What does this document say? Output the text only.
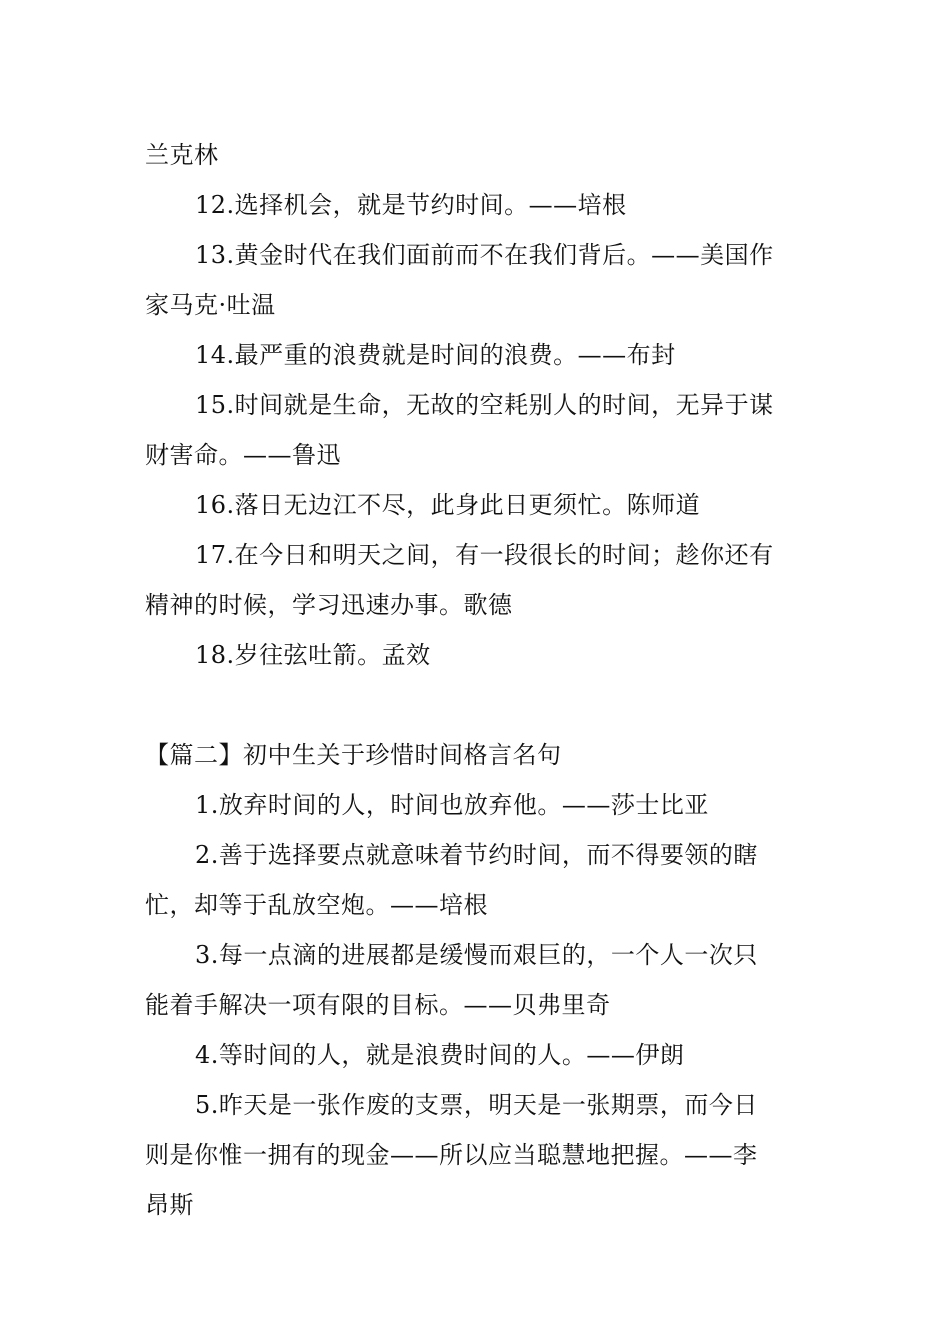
兰克林
12.选择机会，就是节约时间。——培根
13.黄金时代在我们面前而不在我们背后。——美国作
家马克·吐温
14.最严重的浪费就是时间的浪费。——布封
15.时间就是生命，无故的空耗别人的时间，无异于谋
财害命。——鲁迅
16.落日无边江不尽，此身此日更须忙。陈师道
17.在今日和明天之间，有一段很长的时间；趁你还有
精神的时候，学习迅速办事。歌德
18.岁往弦吐箭。孟效
【篇二】初中生关于珍惜时间格言名句
1.放弃时间的人，时间也放弃他。——莎士比亚
2.善于选择要点就意味着节约时间，而不得要领的瞎
忙，却等于乱放空炮。——培根
3.每一点滴的进展都是缓慢而艰巨的，一个人一次只
能着手解决一项有限的目标。——贝弗里奇
4.等时间的人，就是浪费时间的人。——伊朗
5.昨天是一张作废的支票，明天是一张期票，而今日
则是你惟一拥有的现金——所以应当聪慧地把握。——李
昂斯
